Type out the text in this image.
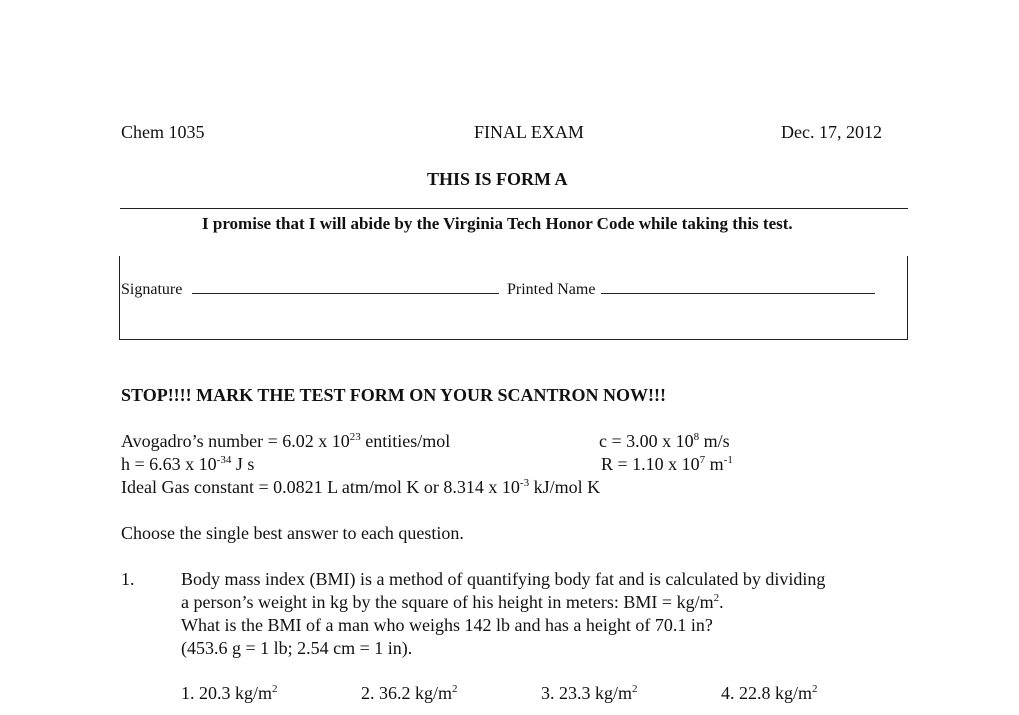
Chem 1035	FINAL EXAM	Dec. 17, 2012
THIS IS FORM A
I promise that I will abide by the Virginia Tech Honor Code while taking this test.
Signature	Printed Name
STOP!!!! MARK THE TEST FORM ON YOUR SCANTRON NOW!!!
Avogadro’s number = 6.02 x $10^{23}$ entities/mol	c = 3.00 x $10^8$ m/s
h = 6.63 x $10^{-34}$ J s	R = 1.10 x $10^7$ $m^{-1}$
Ideal Gas constant = 0.0821 L atm/mol K or 8.314 x $10^{-3}$ kJ/mol K
Choose the single best answer to each question.
1.	Body mass index (BMI) is a method of quantifying body fat and is calculated by dividing
a person’s weight in kg by the square of his height in meters: BMI = $kg/m^2$.
What is the BMI of a man who weighs 142 lb and has a height of 70.1 in?
(453.6 g = 1 lb; 2.54 cm = 1 in).
1. 20.3 $kg/m^2$	2. 36.2 $kg/m^2$	3. 23.3 $kg/m^2$	4. 22.8 $kg/m^2$
